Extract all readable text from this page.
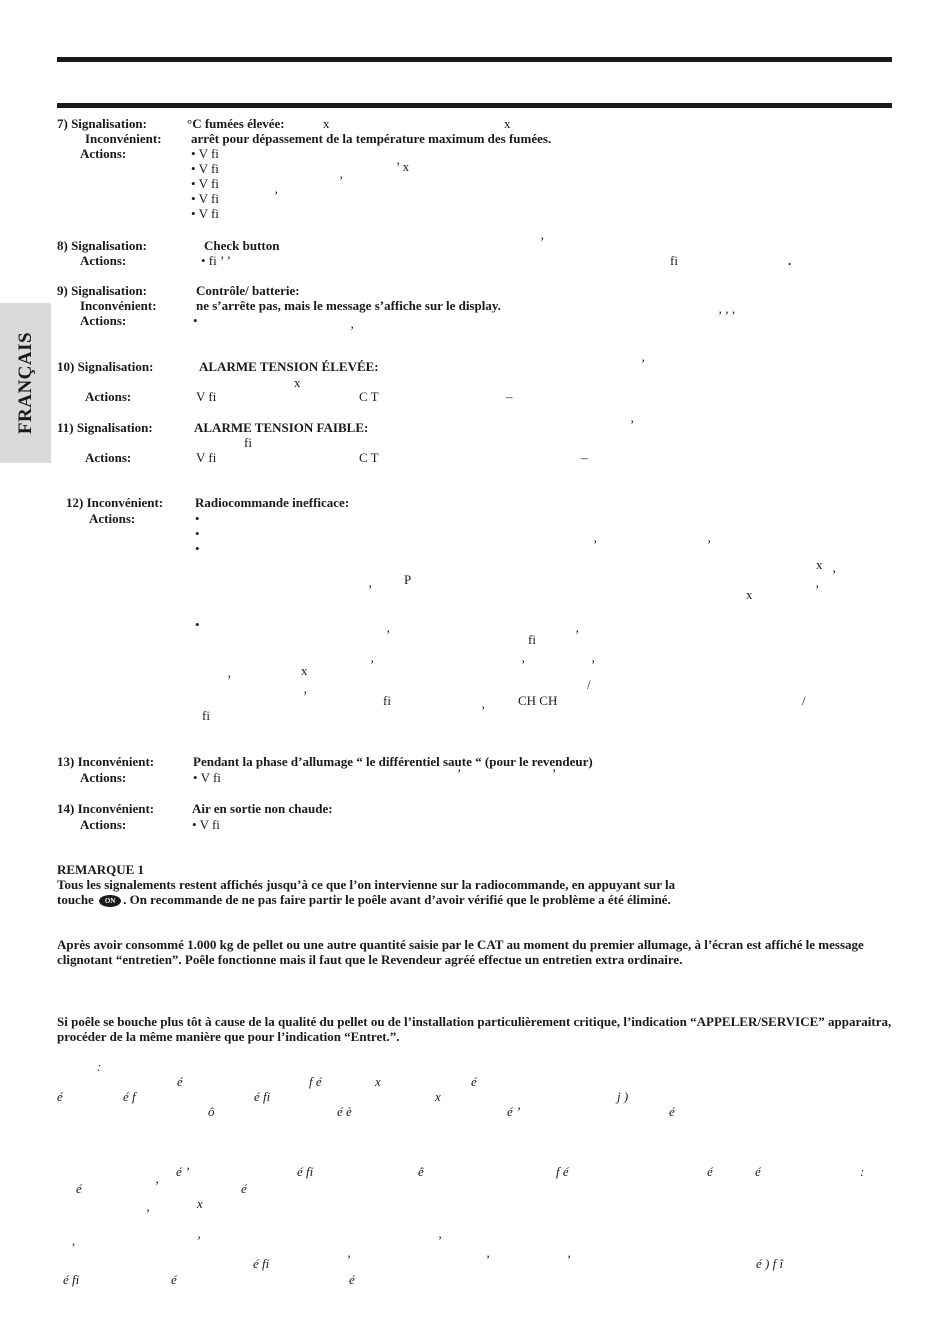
FRANÇAIS
7) Signalisation:	°C fumées élevée:	x	x
Inconvénient: arrêt pour dépassement de la température maximum des fumées.
Actions:	• V fi
• V fi
• V fi
• V fi
• V fi
’ x
’
’
8) Signalisation:	Check button	’
Actions:	• fi ’ ’	fi	.
9) Signalisation:	Contrôle/ batterie:
Inconvénient:	ne s’arrête pas, mais le message s’affiche sur le display.
Actions:	•	’ ’ ’
’
10) Signalisation:	ALARME TENSION ÉLEVÉE:	’
x
Actions:	V fi	C T	–
11) Signalisation:	ALARME TENSION FAIBLE:	’
fi
Actions:	V fi	C T	–
12) Inconvénient: Radiocommande inefficace:
Actions:	•
•
•
•
’	’
x
’
P
’	x	’
’	fi	’
x	’	’	’
’	/
’	fi	CH CH	/
’
fi
13) Inconvénient:	Pendant la phase d’allumage “ le différentiel saute “ (pour le revendeur)
Actions:	• V fi	’	’
14) Inconvénient:	Air en sortie non chaude:
Actions:	• V fi
REMARQUE 1
Tous les signalements restent affichés jusqu’à ce que l’on intervienne sur la radiocommande, en appuyant sur la
touche ON . On recommande de ne pas faire partir le poêle avant d’avoir vérifié que le problème a été éliminé.
Après avoir consommé 1.000 kg de pellet ou une autre quantité saisie par le CAT au moment du premier allumage, à l’écran est affiché le message clignotant “entretien”. Poêle fonctionne mais il faut que le Revendeur agréé effectue un entretien extra ordinaire.
Si poêle se bouche plus tôt à cause de la qualité du pellet ou de l’installation particulièrement critique, l’indication “APPELER/SERVICE” apparaitra, procéder de la même manière que pour l’indication “Entret.”.
:
é	f é	x	é
é	é f	é fi	x	j )
ô	é è	é ’	é
é ’	é fi	ê	f é	é	é	:
é	’	é
’
x
,	’	’
é fi	’	’	’	é ) f î
é fi	é	é
